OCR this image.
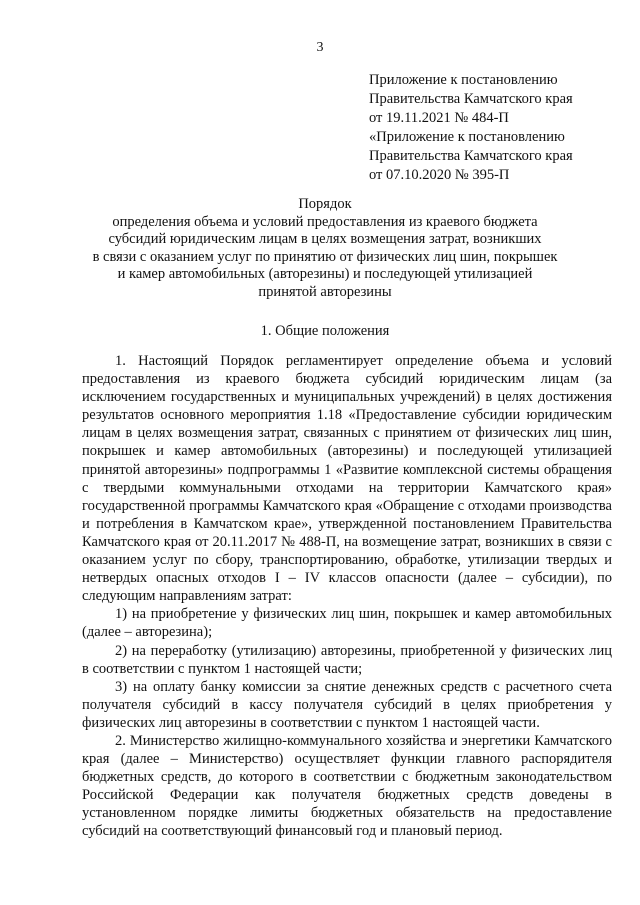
3
Приложение к постановлению
Правительства Камчатского края
от 19.11.2021 № 484-П
«Приложение к постановлению
Правительства Камчатского края
от 07.10.2020 № 395-П
Порядок
определения объема и условий предоставления из краевого бюджета
субсидий юридическим лицам в целях возмещения затрат, возникших
в связи с оказанием услуг по принятию от физических лиц шин, покрышек
и камер автомобильных (авторезины) и последующей утилизацией
принятой авторезины
1. Общие положения

1. Настоящий Порядок регламентирует определение объема и условий предоставления из краевого бюджета субсидий юридическим лицам (за исключением государственных и муниципальных учреждений) в целях достижения результатов основного мероприятия 1.18 «Предоставление субсидии юридическим лицам в целях возмещения затрат, связанных с принятием от физических лиц шин, покрышек и камер автомобильных (авторезины) и последующей утилизацией принятой авторезины» подпрограммы 1 «Развитие комплексной системы обращения с твердыми коммунальными отходами на территории Камчатского края» государственной программы Камчатского края «Обращение с отходами производства и потребления в Камчатском крае», утвержденной постановлением Правительства Камчатского края от 20.11.2017 № 488-П, на возмещение затрат, возникших в связи с оказанием услуг по сбору, транспортированию, обработке, утилизации твердых и нетвердых опасных отходов I – IV классов опасности (далее – субсидии), по следующим направлениям затрат:

1) на приобретение у физических лиц шин, покрышек и камер автомобильных (далее – авторезина);

2) на переработку (утилизацию) авторезины, приобретенной у физических лиц в соответствии с пунктом 1 настоящей части;

3) на оплату банку комиссии за снятие денежных средств с расчетного счета получателя субсидий в кассу получателя субсидий в целях приобретения у физических лиц авторезины в соответствии с пунктом 1 настоящей части.

2. Министерство жилищно-коммунального хозяйства и энергетики Камчатского края (далее – Министерство) осуществляет функции главного распорядителя бюджетных средств, до которого в соответствии с бюджетным законодательством Российской Федерации как получателя бюджетных средств доведены в установленном порядке лимиты бюджетных обязательств на предоставление субсидий на соответствующий финансовый год и плановый период.
